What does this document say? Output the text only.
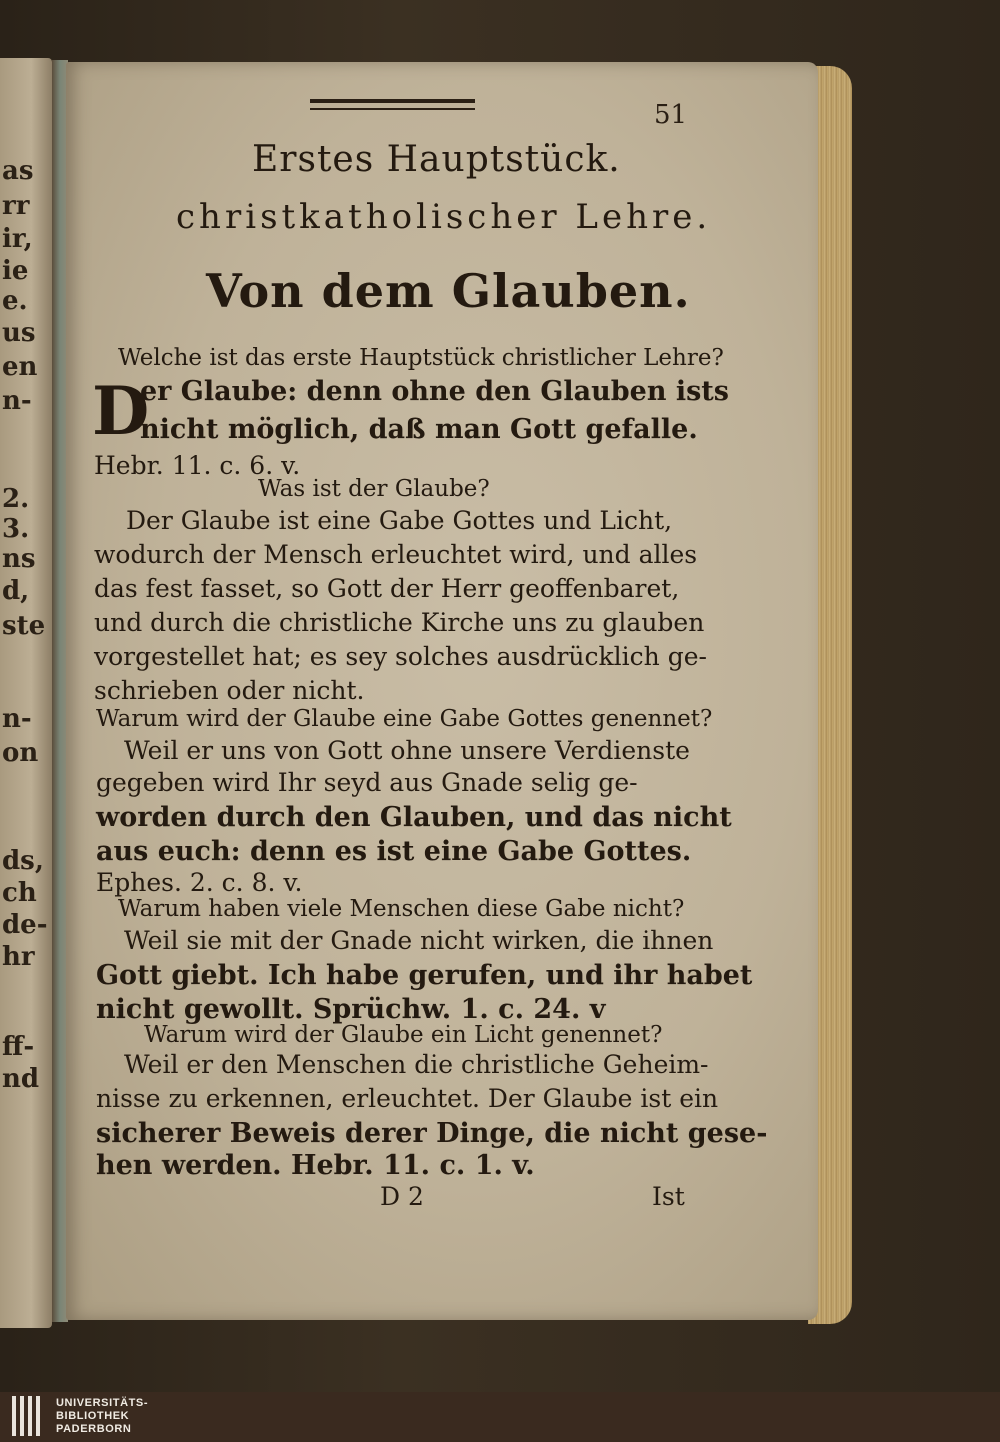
as
rr
ir,
ie
e.
us
en
n-
2.
3.
ns
d,
ste
n-
on
ds,
ch
de-
hr
ff-
nd
51
Erstes Hauptstück.
christkatholischer Lehre.
Von dem Glauben.
Welche ist das erste Hauptstück christlicher Lehre?
D
er Glaube: denn ohne den Glauben ists
nicht möglich, daß man Gott gefalle.
Hebr. 11. c. 6. v.
Was ist der Glaube?
Der Glaube ist eine Gabe Gottes und Licht,
wodurch der Mensch erleuchtet wird, und alles
das fest fasset, so Gott der Herr geoffenbaret,
und durch die christliche Kirche uns zu glauben
vorgestellet hat; es sey solches ausdrücklich ge-
schrieben oder nicht.
Warum wird der Glaube eine Gabe Gottes genennet?
Weil er uns von Gott ohne unsere Verdienste
gegeben wird Ihr seyd aus Gnade selig ge-
worden durch den Glauben, und das nicht
aus euch: denn es ist eine Gabe Gottes.
Ephes. 2. c. 8. v.
Warum haben viele Menschen diese Gabe nicht?
Weil sie mit der Gnade nicht wirken, die ihnen
Gott giebt. Ich habe gerufen, und ihr habet
nicht gewollt. Sprüchw. 1. c. 24. v
Warum wird der Glaube ein Licht genennet?
Weil er den Menschen die christliche Geheim-
nisse zu erkennen, erleuchtet. Der Glaube ist ein
sicherer Beweis derer Dinge, die nicht gese-
hen werden. Hebr. 11. c. 1. v.
D 2	Ist
UNIVERSITÄTS-
BIBLIOTHEK
PADERBORN
